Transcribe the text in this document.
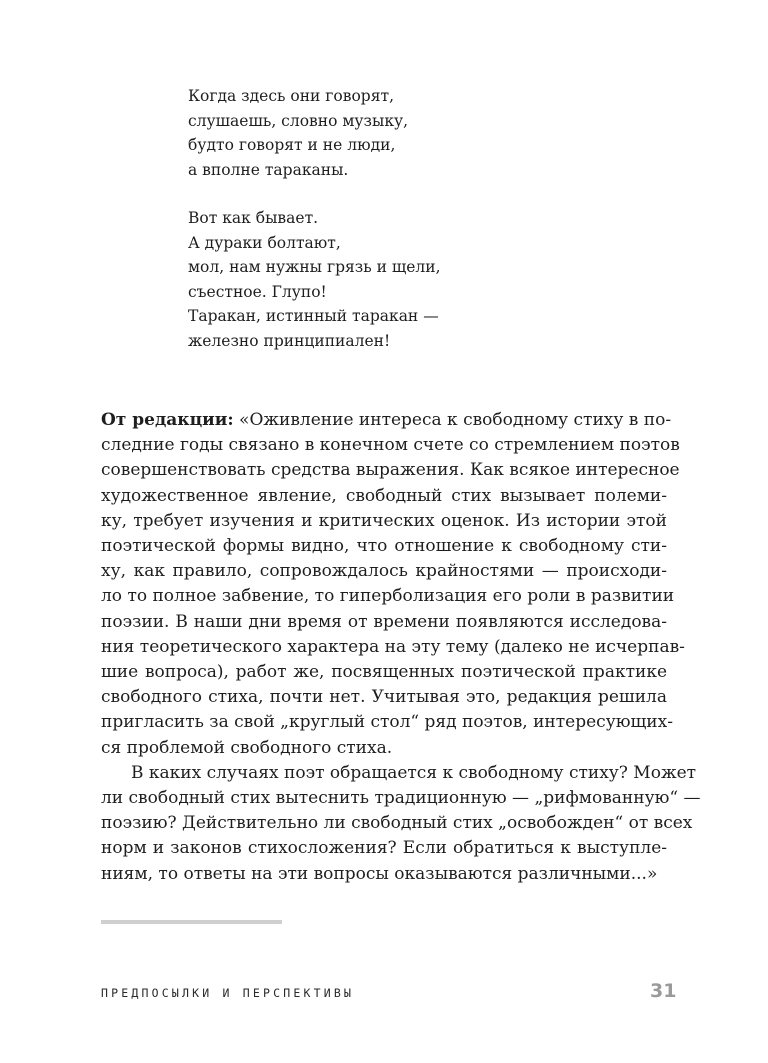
Когда здесь они говорят,
слушаешь, словно музыку,
будто говорят и не люди,
а вполне тараканы.

Вот как бывает.
А дураки болтают,
мол, нам нужны грязь и щели,
съестное. Глупо!
Таракан, истинный таракан —
железно принципиален!

От редакции: «Оживление интереса к свободному стиху в по-
следние годы связано в конечном счете со стремлением поэтов
совершенствовать средства выражения. Как всякое интересное
художественное явление, свободный стих вызывает полеми-
ку, требует изучения и критических оценок. Из истории этой
поэтической формы видно, что отношение к свободному сти-
ху, как правило, сопровождалось крайностями — происходи-
ло то полное забвение, то гиперболизация его роли в развитии
поэзии. В наши дни время от времени появляются исследова-
ния теоретического характера на эту тему (далеко не исчерпав-
шие вопроса), работ же, посвященных поэтической практике
свободного стиха, почти нет. Учитывая это, редакция решила
пригласить за свой „круглый стол“ ряд поэтов, интересующих-
ся проблемой свободного стиха.

В каких случаях поэт обращается к свободному стиху? Может
ли свободный стих вытеснить традиционную — „рифмованную“ —
поэзию? Действительно ли свободный стих „освобожден“ от всех
норм и законов стихосложения? Если обратиться к выступле-
ниям, то ответы на эти вопросы оказываются различными...»

ПРЕДПОСЫЛКИ И ПЕРСПЕКТИВЫ	31
